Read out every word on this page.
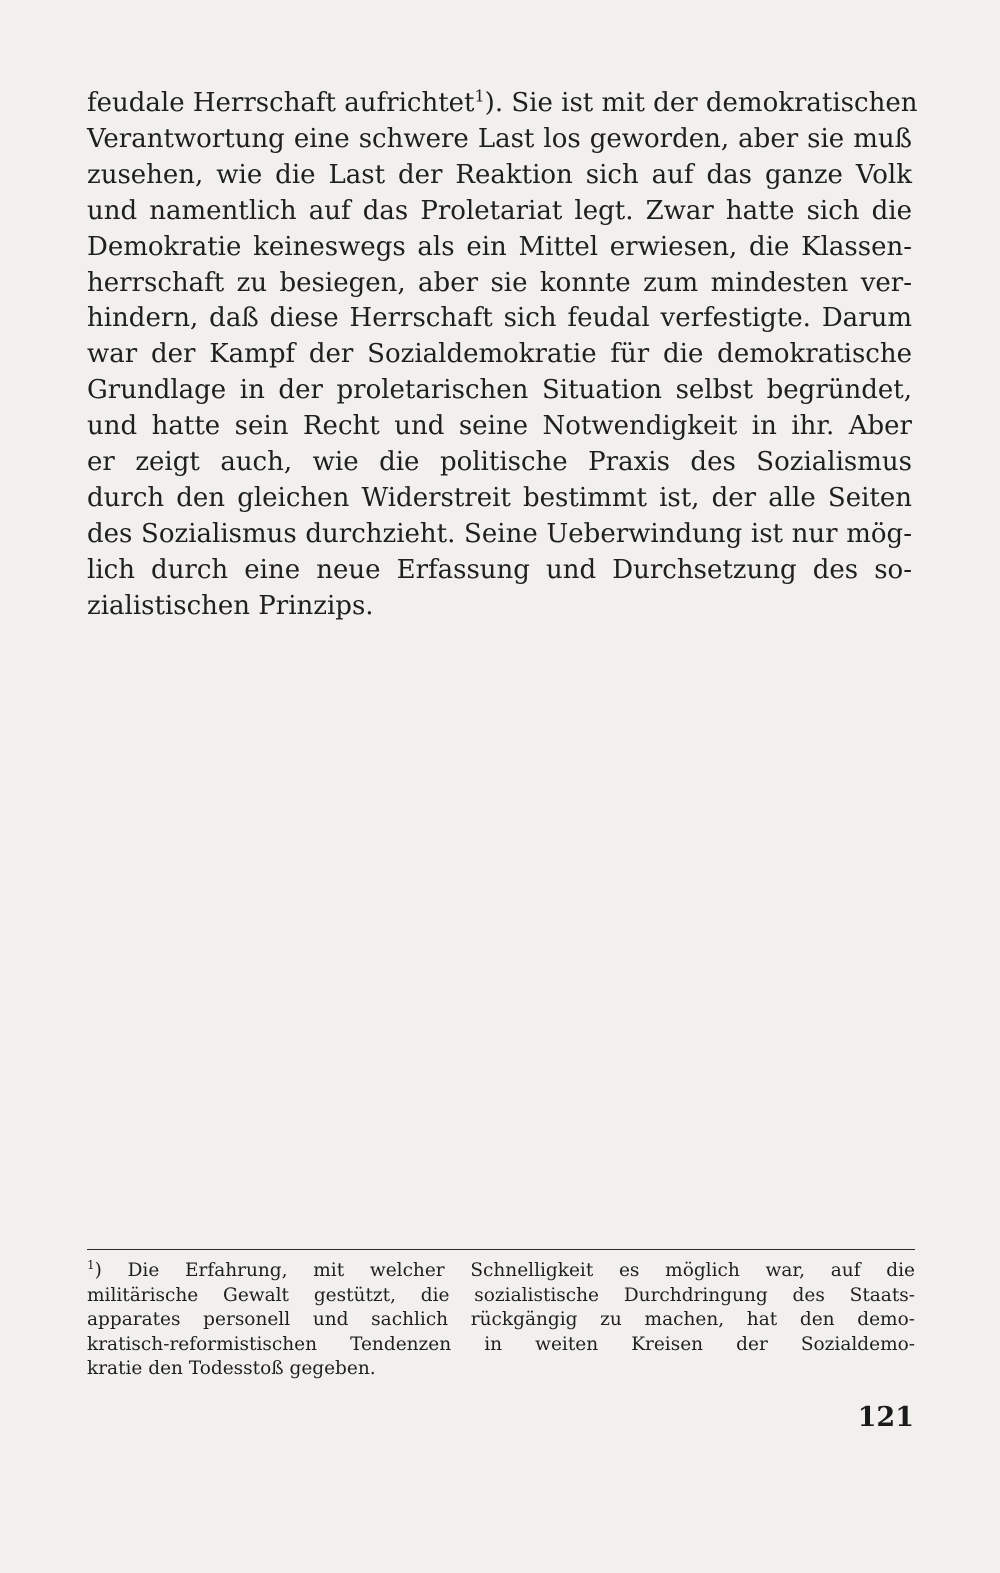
feudale Herrschaft aufrichtet$^1$). Sie ist mit der demokratischen
Verantwortung eine schwere Last los geworden, aber sie muß
zusehen, wie die Last der Reaktion sich auf das ganze Volk
und namentlich auf das Proletariat legt. Zwar hatte sich die
Demokratie keineswegs als ein Mittel erwiesen, die Klassen-
herrschaft zu besiegen, aber sie konnte zum mindesten ver-
hindern, daß diese Herrschaft sich feudal verfestigte. Darum
war der Kampf der Sozialdemokratie für die demokratische
Grundlage in der proletarischen Situation selbst begründet,
und hatte sein Recht und seine Notwendigkeit in ihr. Aber
er zeigt auch, wie die politische Praxis des Sozialismus
durch den gleichen Widerstreit bestimmt ist, der alle Seiten
des Sozialismus durchzieht. Seine Ueberwindung ist nur mög-
lich durch eine neue Erfassung und Durchsetzung des so-
zialistischen Prinzips.
$^1$) Die Erfahrung, mit welcher Schnelligkeit es möglich war, auf die
militärische Gewalt gestützt, die sozialistische Durchdringung des Staats-
apparates personell und sachlich rückgängig zu machen, hat den demo-
kratisch-reformistischen Tendenzen in weiten Kreisen der Sozialdemo-
kratie den Todesstoß gegeben.
121
